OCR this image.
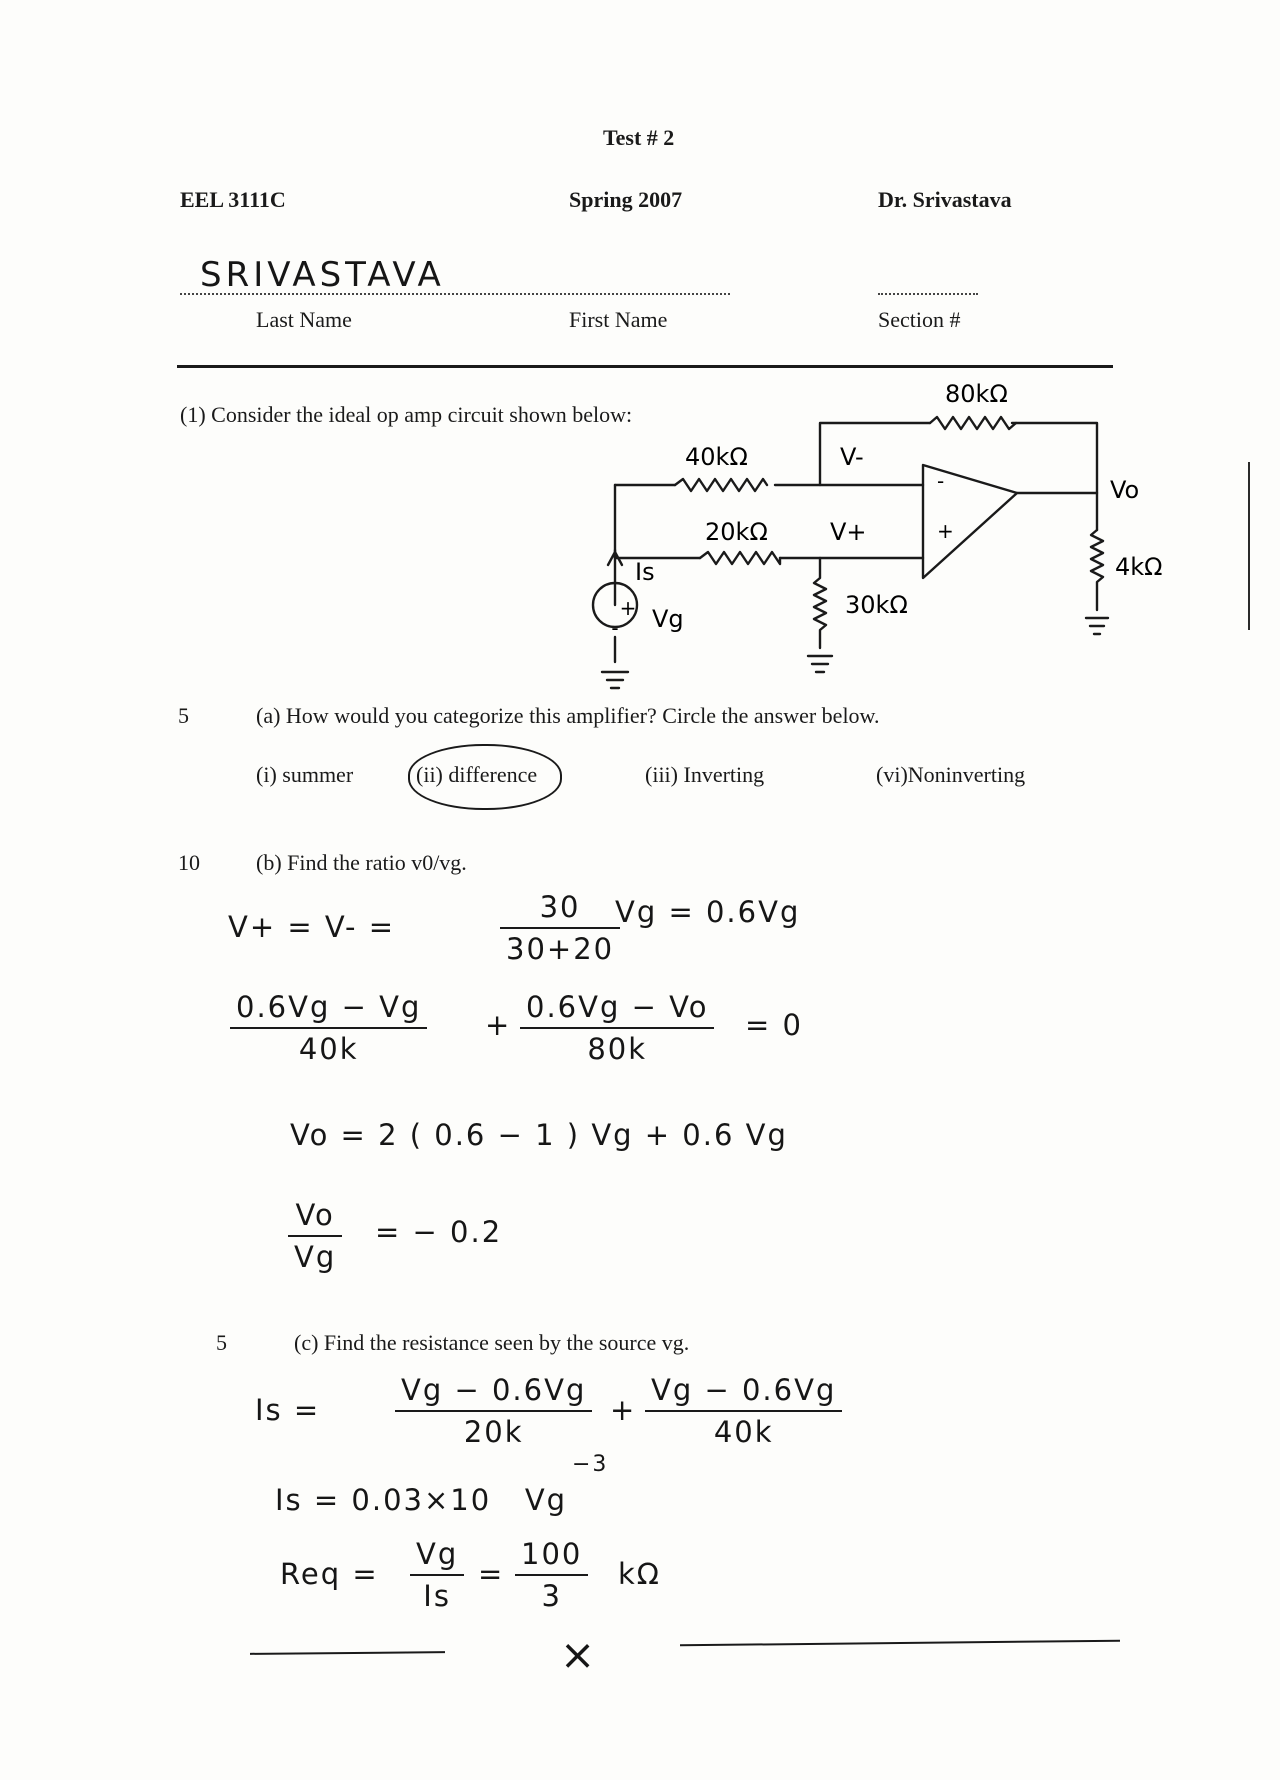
Test # 2
EEL 3111C	Spring 2007	Dr. Srivastava
SRIVASTAVA
Last Name	First Name	Section #
(1) Consider the ideal op amp circuit shown below:
+
-
-
+
80kΩ
40kΩ	V-
20kΩ	V+
Is
Vg	30kΩ
Vo
4kΩ
5	(a) How would you categorize this amplifier? Circle the answer below.
(i) summer	(ii) difference	(iii) Inverting	(vi)Noninverting
10	(b) Find the ratio v0/vg.
V+ = V- =	$\frac{30}{30+20}$
Vg = 0.6Vg
$\frac{0.6Vg - Vg}{40k} + \frac{0.6Vg - Vo}{80k} = 0$
Vo = 2 ( 0.6 − 1 ) Vg + 0.6 Vg
$\frac{Vo}{Vg}$ = − 0.2
5	(c) Find the resistance seen by the source vg.
Is =	$\frac{Vg - 0.6Vg}{20k} + \frac{Vg - 0.6Vg}{40k}$
−3
Is = 0.03×10   Vg
Req = $\frac{Vg}{Is} = \frac{100}{3}$ kΩ
×
